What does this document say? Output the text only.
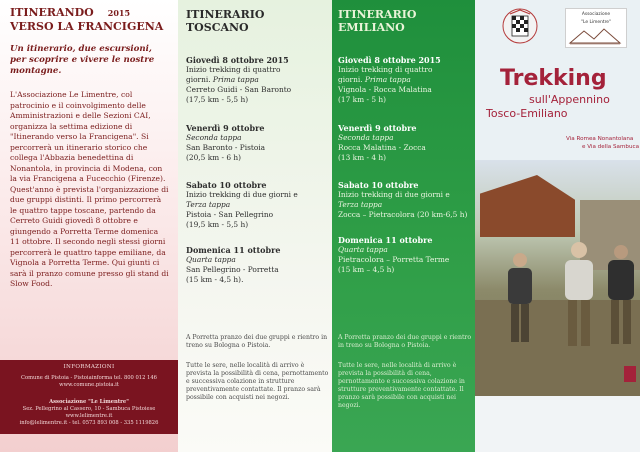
ITINERANDO 2015
VERSO LA FRANCIGENA
Un itinerario, due escursioni, per scoprire e vivere le nostre montagne.
L'Associazione Le Limentre, col patrocinio e il coinvolgimento delle Amministrazioni e delle Sezioni CAI, organizza la settima edizione di "Itinerando verso la Francigena". Si percorrerà un itinerario storico che collega l'Abbazia benedettina di Nonantola, in provincia di Modena, con la via Francigena a Fucecchio (Firenze). Quest'anno è prevista l'organizzazione di due gruppi distinti. Il primo percorrerà le quattro tappe toscane, partendo da Cerreto Guidi giovedì 8 ottobre e giungendo a Porretta Terme domenica 11 ottobre. Il secondo negli stessi giorni percorrerà le quattro tappe emiliane, da Vignola a Porretta Terme. Qui giunti ci sarà il pranzo comune presso gli stand di Slow Food.
INFORMAZIONI
Comune di Pistoia - Pistoiainforma tel. 800 012 146
www.comune.pistoia.it
Associazione "Le Limentre"
Sez. Pellegrino al Cassero, 10 - Sambuca Pistoiese
www.lelimentre.it
info@lelimentre.it - tel. 0573 893 008 - 335 1119826
ITINERARIO
TOSCANO
Giovedì 8 ottobre 2015
Inizio trekking di quattro
giorni. Prima tappa
Cerreto Guidi - San Baronto
(17,5 km - 5,5 h)
Venerdì 9 ottobre
Seconda tappa
San Baronto - Pistoia
(20,5 km - 6 h)
Sabato 10 ottobre
Inizio trekking di due giorni e
Terza tappa
Pistoia - San Pellegrino
(19,5 km - 5,5 h)
Domenica 11 ottobre
Quarta tappa
San Pellegrino - Porretta
(15 km - 4,5 h).
A Porretta pranzo dei due gruppi e rientro in treno su Bologna o Pistoia.
Tutte le sere, nelle località di arrivo è prevista la possibilità di cena, pernottamento e successiva colazione in strutture preventivamente contattate. Il pranzo sarà possibile con acquisti nei negozi.
ITINERARIO
EMILIANO
Giovedì 8 ottobre 2015
Inizio trekking di quattro
giorni. Prima tappa
Vignola - Rocca Malatina
(17 km - 5 h)
Venerdì 9 ottobre
Seconda tappa
Rocca Malatina - Zocca
(13 km - 4 h)
Sabato 10 ottobre
Inizio trekking di due giorni e
Terza tappa
Zocca – Pietracolora (20 km-6,5 h)
Domenica 11 ottobre
Quarta tappa
Pietracolora – Porretta Terme
(15 km – 4,5 h)
A Porretta pranzo dei due gruppi e rientro in treno su Bologna o Pistoia.
Tutte le sere, nelle località di arrivo è prevista la possibilità di cena, pernottamento e successiva colazione in strutture preventivamente contattate. Il pranzo sarà possibile con acquisti nei negozi.
Associazione
"Le Limentre"
Trekking
sull'Appennino
Tosco-Emiliano
Via Romea Nonantolana
e Via della Sambuca
